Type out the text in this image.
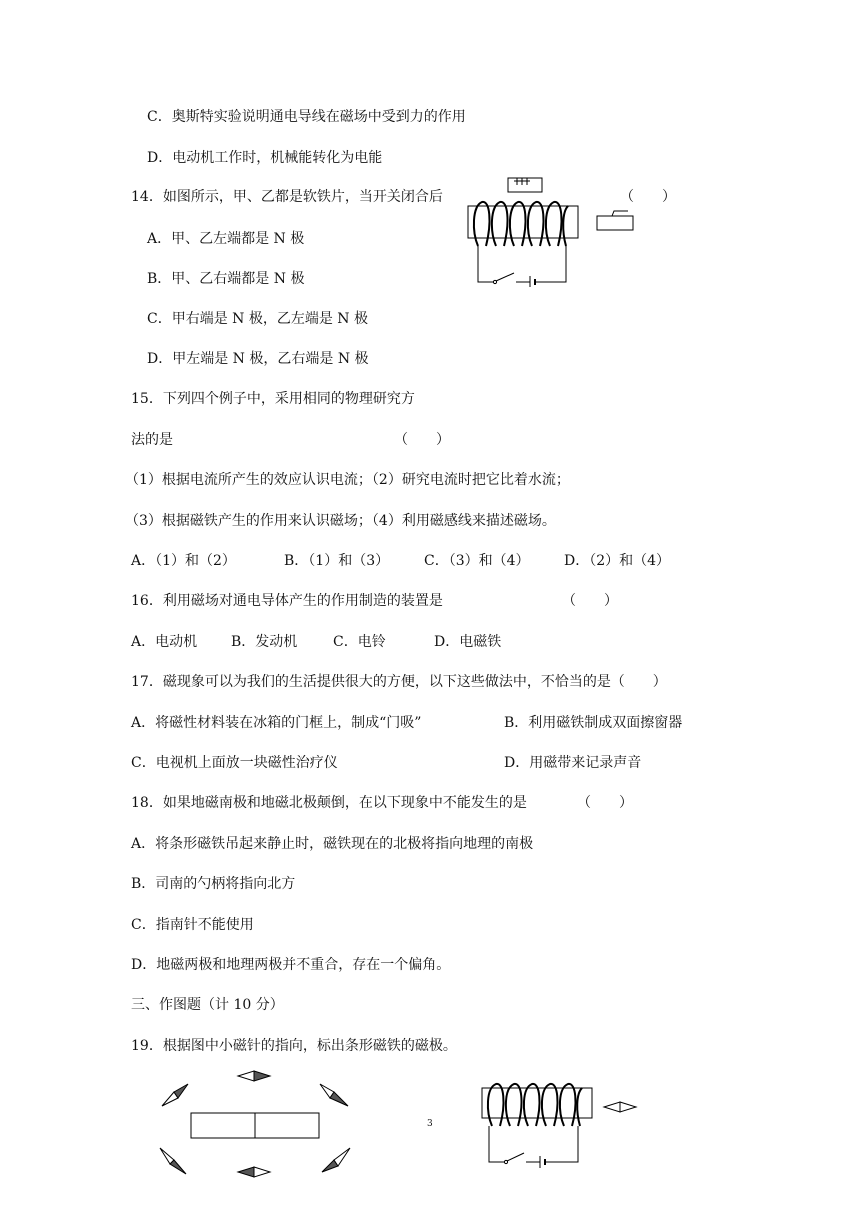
C．奥斯特实验说明通电导线在磁场中受到力的作用
D．电动机工作时，机械能转化为电能
14．如图所示，甲、乙都是软铁片，当开关闭合后	（　　）
A．甲、乙左端都是 N 极
B．甲、乙右端都是 N 极
C．甲右端是 N 极，乙左端是 N 极
D．甲左端是 N 极，乙右端是 N 极
15．下列四个例子中，采用相同的物理研究方
法的是	（　　）
（1）根据电流所产生的效应认识电流；（2）研究电流时把它比着水流；
（3）根据磁铁产生的作用来认识磁场；（4）利用磁感线来描述磁场。
A．（1）和（2）	B．（1）和（3） C．（3）和（4） D．（2）和（4）
16．利用磁场对通电导体产生的作用制造的装置是	（　　）
A．电动机 B．发动机	C．电铃	D．电磁铁
17．磁现象可以为我们的生活提供很大的方便，以下这些做法中，不恰当的是（　　）
A．将磁性材料装在冰箱的门框上，制成“门吸”	B．利用磁铁制成双面擦窗器
C．电视机上面放一块磁性治疗仪	D．用磁带来记录声音
18．如果地磁南极和地磁北极颠倒，在以下现象中不能发生的是	（　　）
A．将条形磁铁吊起来静止时，磁铁现在的北极将指向地理的南极
B．司南的勺柄将指向北方
C．指南针不能使用
D．地磁两极和地理两极并不重合，存在一个偏角。
三、作图题（计 10 分）
19．根据图中小磁针的指向，标出条形磁铁的磁极。
3
